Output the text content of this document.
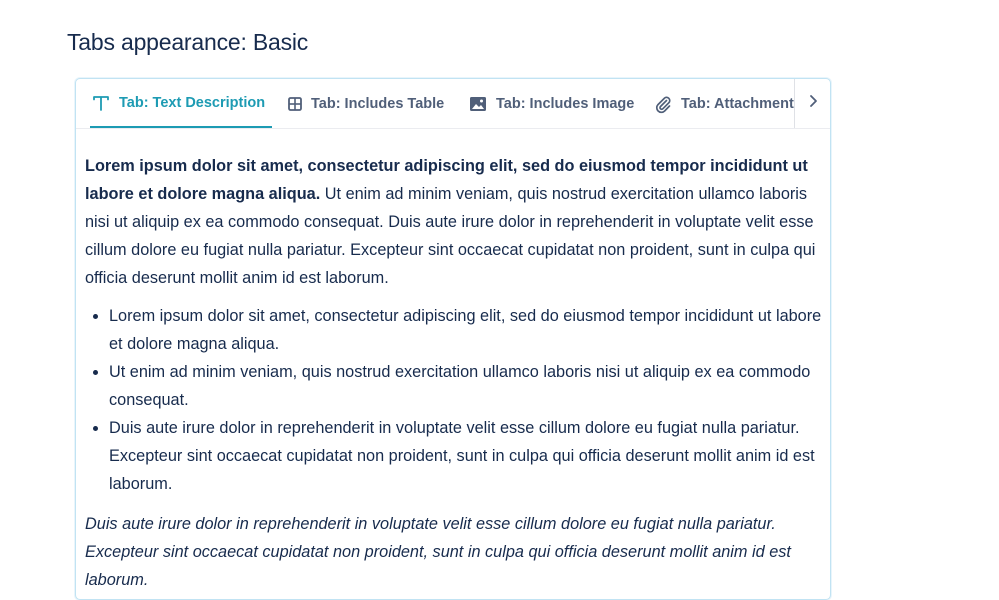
Tabs appearance: Basic
Tab: Text Description	Tab: Includes Table	Tab: Includes Image	Tab: Attachment

Lorem ipsum dolor sit amet, consectetur adipiscing elit, sed do eiusmod tempor incididunt ut labore et dolore magna aliqua. Ut enim ad minim veniam, quis nostrud exercitation ullamco laboris nisi ut aliquip ex ea commodo consequat. Duis aute irure dolor in reprehenderit in voluptate velit esse cillum dolore eu fugiat nulla pariatur. Excepteur sint occaecat cupidatat non proident, sunt in culpa qui officia deserunt mollit anim id est laborum.

• Lorem ipsum dolor sit amet, consectetur adipiscing elit, sed do eiusmod tempor incididunt ut labore et dolore magna aliqua.
• Ut enim ad minim veniam, quis nostrud exercitation ullamco laboris nisi ut aliquip ex ea commodo consequat.
• Duis aute irure dolor in reprehenderit in voluptate velit esse cillum dolore eu fugiat nulla pariatur. Excepteur sint occaecat cupidatat non proident, sunt in culpa qui officia deserunt mollit anim id est laborum.

Duis aute irure dolor in reprehenderit in voluptate velit esse cillum dolore eu fugiat nulla pariatur. Excepteur sint occaecat cupidatat non proident, sunt in culpa qui officia deserunt mollit anim id est laborum.
